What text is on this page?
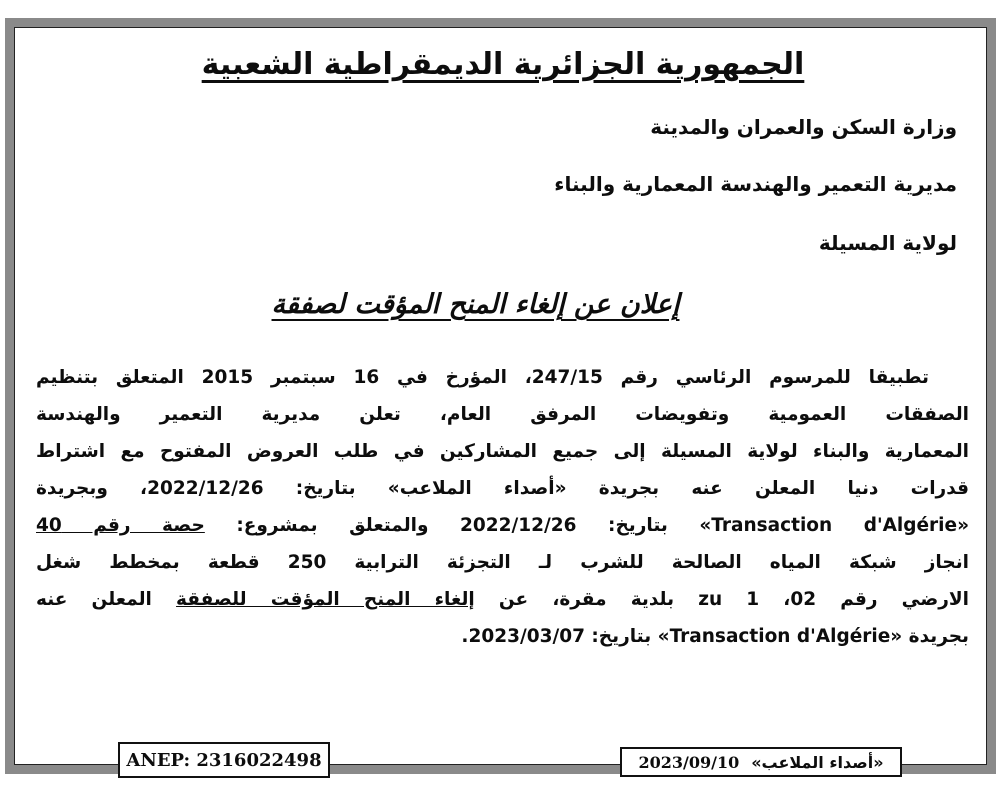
الجمهورية الجزائرية الديمقراطية الشعبية
وزارة السكن والعمران والمدينة
مديرية التعمير والهندسة المعمارية والبناء
لولاية المسيلة
إعلان عن إلغاء المنح المؤقت لصفقة
تطبيقا للمرسوم الرئاسي رقم 247/15، المؤرخ في 16 سبتمبر 2015 المتعلق بتنظيم
الصفقات العمومية وتفويضات المرفق العام، تعلن مديرية التعمير والهندسة
المعمارية والبناء لولاية المسيلة إلى جميع المشاركين في طلب العروض المفتوح مع اشتراط
قدرات دنيا المعلن عنه بجريدة «أصداء الملاعب» بتاريخ: 2022/12/26، وبجريدة
«Transaction d'Algérie» بتاريخ: 2022/12/26 والمتعلق بمشروع: حصة رقم 40
انجاز شبكة المياه الصالحة للشرب لـ التجزئة الترابية 250 قطعة بمخطط شغل
الارضي رقم 02، zu 1 بلدية مقرة، عن إلغاء المنح المؤقت للصفقة المعلن عنه
بجريدة «Transaction d'Algérie» بتاريخ: 2023/03/07.
ANEP: 2316022498	2023/09/10 «أصداء الملاعب»
